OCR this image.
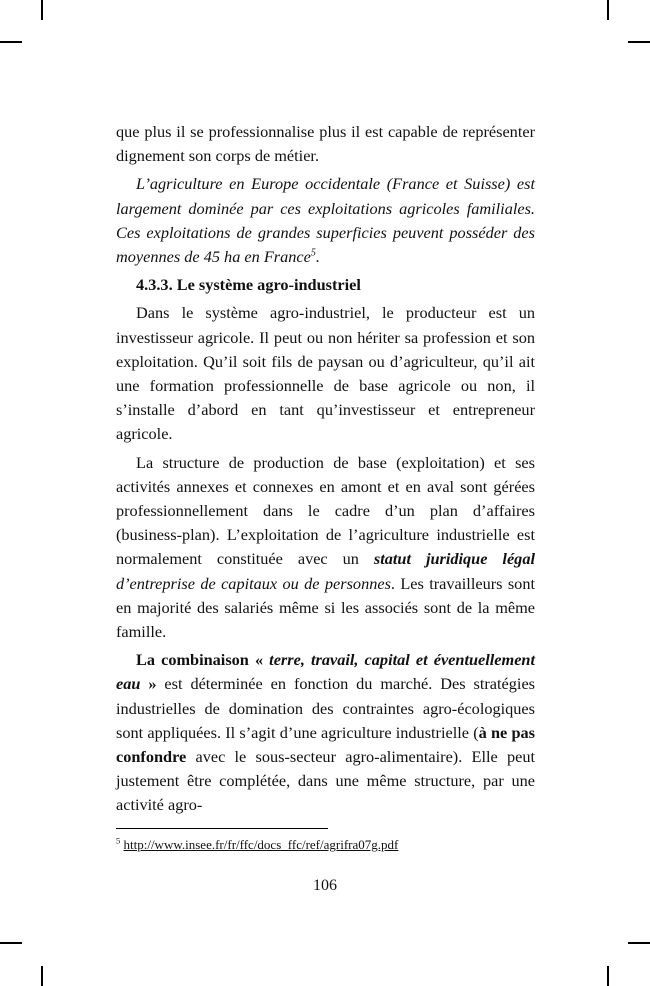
que plus il se professionnalise plus il est capable de représenter dignement son corps de métier.

L’agriculture en Europe occidentale (France et Suisse) est largement dominée par ces exploitations agricoles familiales. Ces exploitations de grandes superficies peuvent posséder des moyennes de 45 ha en France$^5$.

4.3.3. Le système agro-industriel

Dans le système agro-industriel, le producteur est un investisseur agricole. Il peut ou non hériter sa profession et son exploitation. Qu’il soit fils de paysan ou d’agriculteur, qu’il ait une formation professionnelle de base agricole ou non, il s’installe d’abord en tant qu’investisseur et entrepreneur agricole.

La structure de production de base (exploitation) et ses activités annexes et connexes en amont et en aval sont gérées professionnellement dans le cadre d’un plan d’affaires (business-plan). L’exploitation de l’agriculture industrielle est normalement constituée avec un statut juridique légal d’entreprise de capitaux ou de personnes. Les travailleurs sont en majorité des salariés même si les associés sont de la même famille.

La combinaison « terre, travail, capital et éventuellement eau » est déterminée en fonction du marché. Des stratégies industrielles de domination des contraintes agro-écologiques sont appliquées. Il s’agit d’une agriculture industrielle (à ne pas confondre avec le sous-secteur agro-alimentaire). Elle peut justement être complétée, dans une même structure, par une activité agro-

$^5$ http://www.insee.fr/fr/ffc/docs_ffc/ref/agrifra07g.pdf
106
